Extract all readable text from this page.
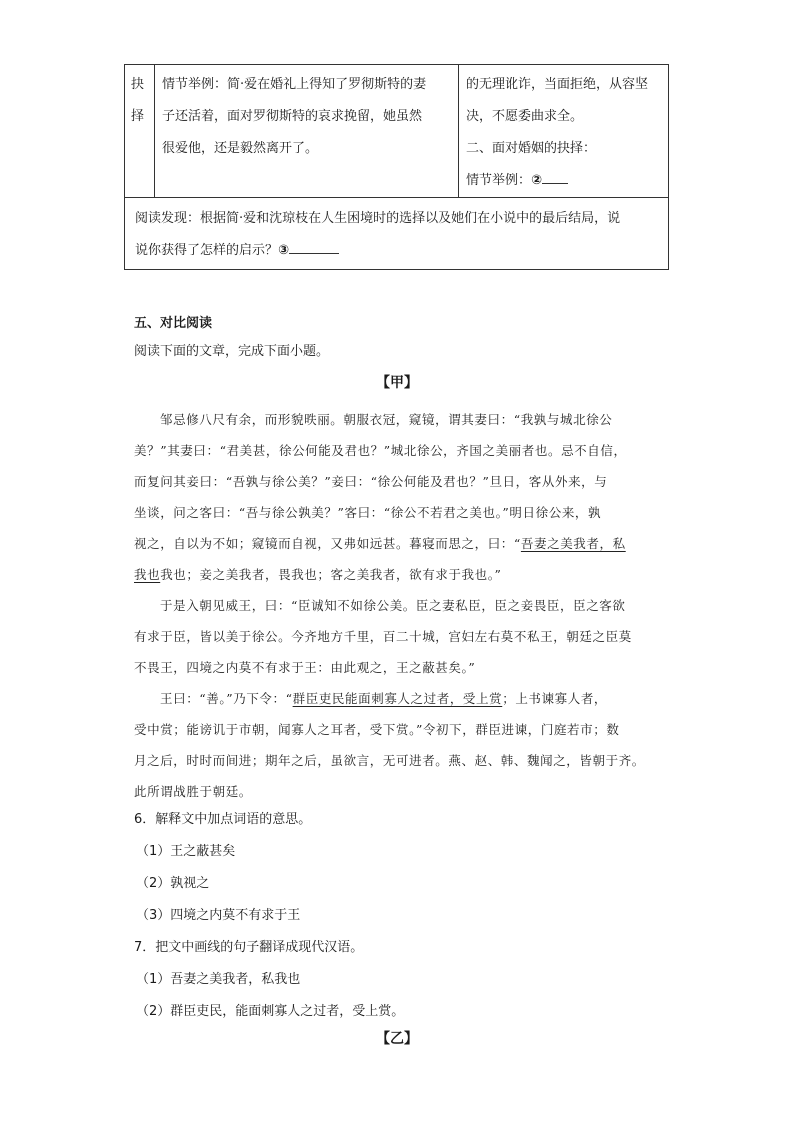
抉
择
情节举例：简·爱在婚礼上得知了罗彻斯特的妻
子还活着，面对罗彻斯特的哀求挽留，她虽然
很爱他，还是毅然离开了。
的无理讹诈，当面拒绝，从容坚
决，不愿委曲求全。
二、面对婚姻的抉择：
情节举例：②
阅读发现：根据简·爱和沈琼枝在人生困境时的选择以及她们在小说中的最后结局，说
说你获得了怎样的启示？③
五、对比阅读
阅读下面的文章，完成下面小题。
【甲】
邹忌修八尺有余，而形貌昳丽。朝服衣冠，窥镜，谓其妻曰：“我孰与城北徐公
美？”其妻曰：“君美甚，徐公何能及君也？”城北徐公，齐国之美丽者也。忌不自信，
而复问其妾曰：“吾孰与徐公美？”妾曰：“徐公何能及君也？”旦日，客从外来，与
坐谈，问之客曰：“吾与徐公孰美？”客曰：“徐公不若君之美也。”明日徐公来，孰
视之，自以为不如；窥镜而自视，又弗如远甚。暮寝而思之，曰：“吾妻之美我者，私
我也我也；妾之美我者，畏我也；客之美我者，欲有求于我也。”
于是入朝见威王，曰：“臣诚知不如徐公美。臣之妻私臣，臣之妾畏臣，臣之客欲
有求于臣，皆以美于徐公。今齐地方千里，百二十城，宫妇左右莫不私王，朝廷之臣莫
不畏王，四境之内莫不有求于王：由此观之，王之蔽甚矣。”
王曰：“善。”乃下令：“群臣吏民能面刺寡人之过者，受上赏；上书谏寡人者，
受中赏；能谤讥于市朝，闻寡人之耳者，受下赏。”令初下，群臣进谏，门庭若市；数
月之后，时时而间进；期年之后，虽欲言，无可进者。燕、赵、韩、魏闻之，皆朝于齐。
此所谓战胜于朝廷。
6．解释文中加点词语的意思。
（1）王之蔽甚矣
（2）孰视之
（3）四境之内莫不有求于王
7．把文中画线的句子翻译成现代汉语。
（1）吾妻之美我者，私我也
（2）群臣吏民，能面刺寡人之过者，受上赏。
【乙】
